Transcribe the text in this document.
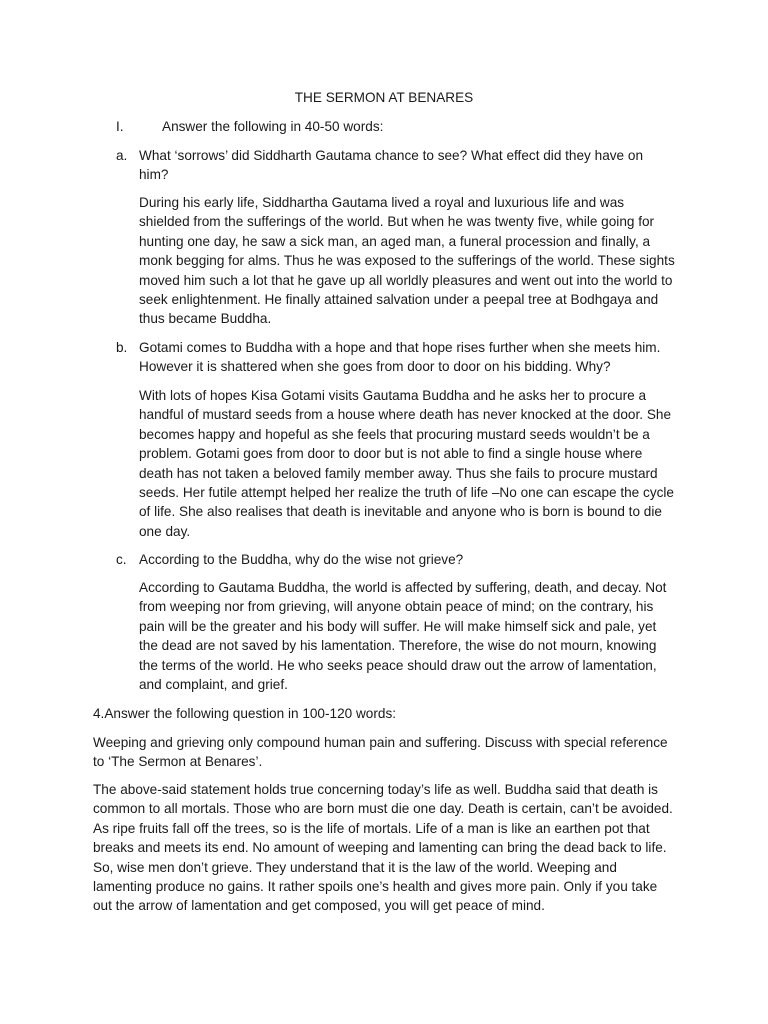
THE SERMON AT BENARES
I.	Answer the following in 40-50 words:
a. What ‘sorrows’ did Siddharth Gautama chance to see? What effect did they have on him?

During his early life, Siddhartha Gautama lived a royal and luxurious life and was shielded from the sufferings of the world. But when he was twenty five, while going for hunting one day, he saw a sick man, an aged man, a funeral procession and finally, a monk begging for alms. Thus he was exposed to the sufferings of the world. These sights moved him such a lot that he gave up all worldly pleasures and went out into the world to seek enlightenment. He finally attained salvation under a peepal tree at Bodhgaya and thus became Buddha.

b. Gotami comes to Buddha with a hope and that hope rises further when she meets him. However it is shattered when she goes from door to door on his bidding. Why?

With lots of hopes Kisa Gotami visits Gautama Buddha and he asks her to procure a handful of mustard seeds from a house where death has never knocked at the door. She becomes happy and hopeful as she feels that procuring mustard seeds wouldn’t be a problem. Gotami goes from door to door but is not able to find a single house where death has not taken a beloved family member away. Thus she fails to procure mustard seeds. Her futile attempt helped her realize the truth of life –No one can escape the cycle of life. She also realises that death is inevitable and anyone who is born is bound to die one day.

c. According to the Buddha, why do the wise not grieve?

According to Gautama Buddha, the world is affected by suffering, death, and decay. Not from weeping nor from grieving, will anyone obtain peace of mind; on the contrary, his pain will be the greater and his body will suffer. He will make himself sick and pale, yet the dead are not saved by his lamentation. Therefore, the wise do not mourn, knowing the terms of the world. He who seeks peace should draw out the arrow of lamentation, and complaint, and grief.

4.Answer the following question in 100-120 words:

Weeping and grieving only compound human pain and suffering. Discuss with special reference to ‘The Sermon at Benares’.

The above-said statement holds true concerning today’s life as well. Buddha said that death is common to all mortals. Those who are born must die one day. Death is certain, can’t be avoided. As ripe fruits fall off the trees, so is the life of mortals. Life of a man is like an earthen pot that breaks and meets its end. No amount of weeping and lamenting can bring the dead back to life. So, wise men don’t grieve. They understand that it is the law of the world. Weeping and lamenting produce no gains. It rather spoils one’s health and gives more pain. Only if you take out the arrow of lamentation and get composed, you will get peace of mind.
